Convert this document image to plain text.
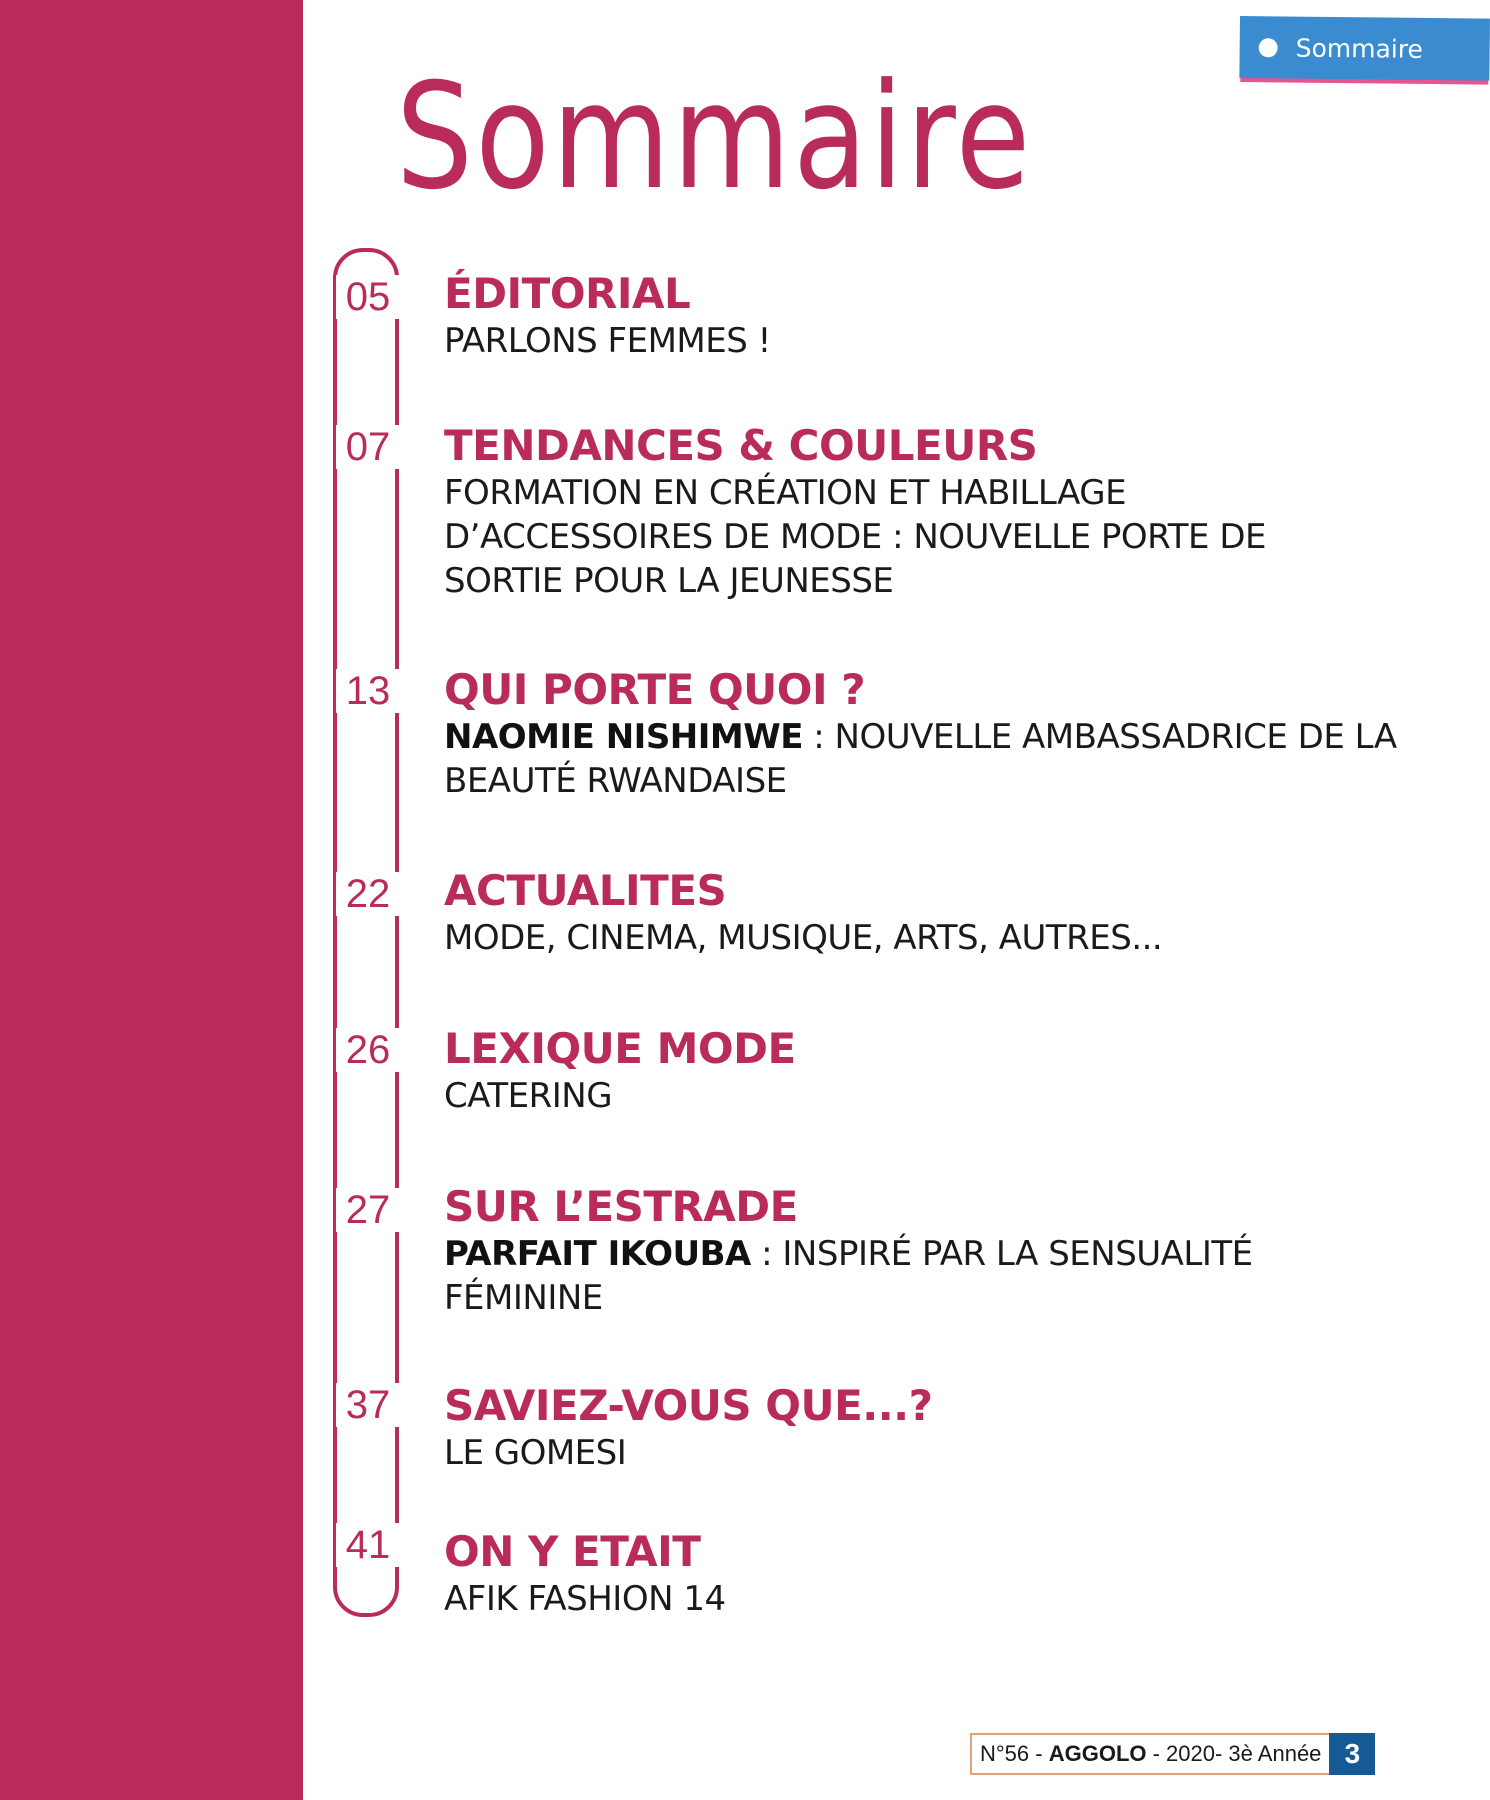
Sommaire
Sommaire
05
07
13
22
26
27
37
41
ÉDITORIAL
PARLONS FEMMES !
TENDANCES & COULEURS
FORMATION EN CRÉATION ET HABILLAGE D’ACCESSOIRES DE MODE : NOUVELLE PORTE DE SORTIE POUR LA JEUNESSE
QUI PORTE QUOI ?
NAOMIE NISHIMWE : NOUVELLE AMBASSADRICE DE LA BEAUTÉ RWANDAISE
ACTUALITES
MODE, CINEMA, MUSIQUE, ARTS, AUTRES...
LEXIQUE MODE
CATERING
SUR L’ESTRADE
PARFAIT IKOUBA : INSPIRÉ PAR LA SENSUALITÉ FÉMININE
SAVIEZ-VOUS QUE...?
LE GOMESI
ON Y ETAIT
AFIK FASHION 14
N°56 - AGGOLO - 2020- 3è Année 3
